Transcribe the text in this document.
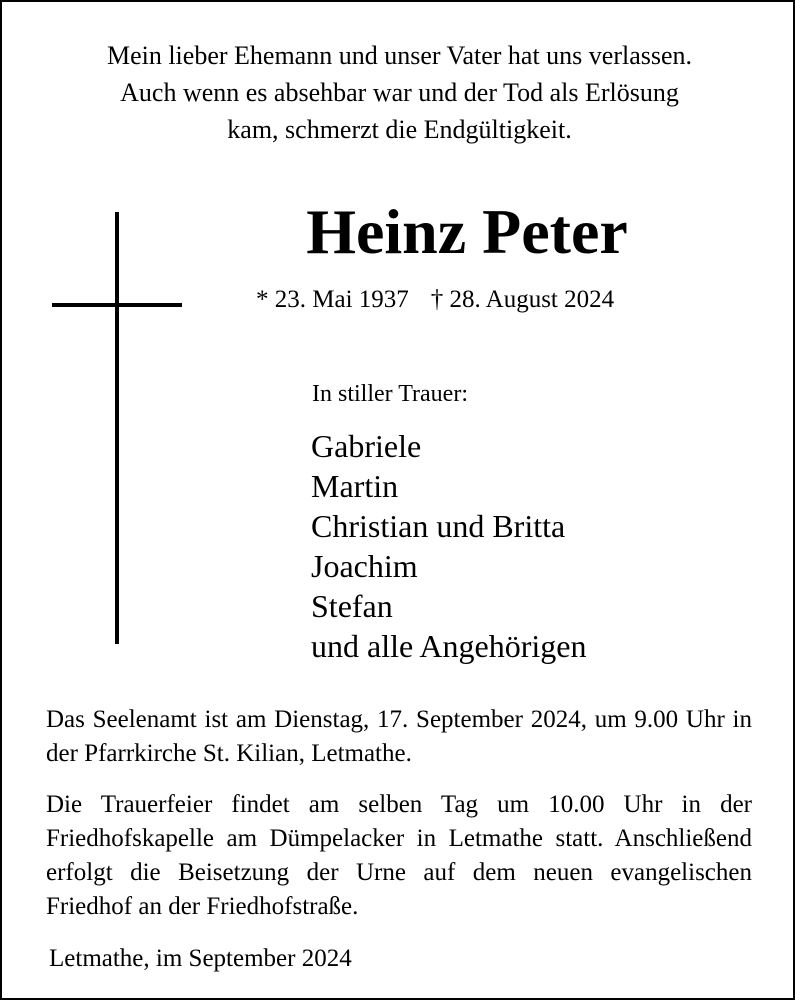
Mein lieber Ehemann und unser Vater hat uns verlassen.
Auch wenn es absehbar war und der Tod als Erlösung
kam, schmerzt die Endgültigkeit.
Heinz Peter
* 23. Mai 1937 † 28. August 2024
In stiller Trauer:
Gabriele
Martin
Christian und Britta
Joachim
Stefan
und alle Angehörigen
Das Seelenamt ist am Dienstag, 17. September 2024, um 9.00 Uhr in der Pfarrkirche St. Kilian, Letmathe.
Die Trauerfeier findet am selben Tag um 10.00 Uhr in der Friedhofskapelle am Dümpelacker in Letmathe statt. Anschließend erfolgt die Beisetzung der Urne auf dem neuen evangelischen Friedhof an der Friedhofstraße.
Letmathe, im September 2024
